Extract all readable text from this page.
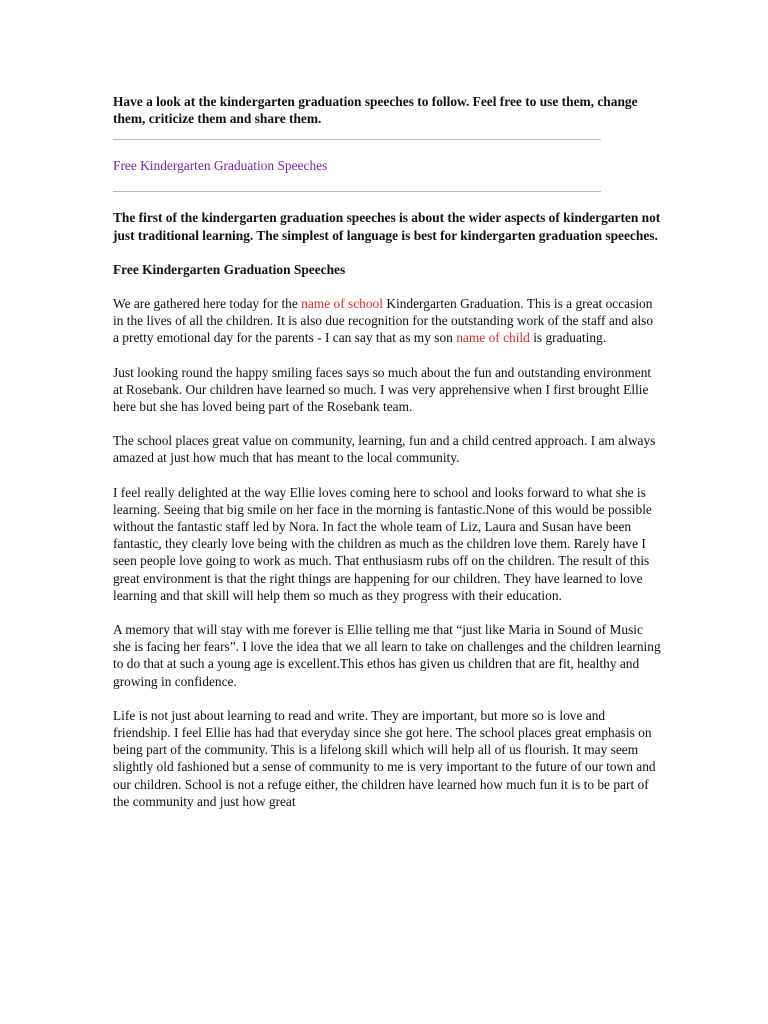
Have a look at the kindergarten graduation speeches to follow. Feel free to use them, change them, criticize them and share them.

Free Kindergarten Graduation Speeches

The first of the kindergarten graduation speeches is about the wider aspects of kindergarten not just traditional learning. The simplest of language is best for kindergarten graduation speeches.

Free Kindergarten Graduation Speeches

We are gathered here today for the name of school Kindergarten Graduation. This is a great occasion in the lives of all the children. It is also due recognition for the outstanding work of the staff and also a pretty emotional day for the parents - I can say that as my son name of child is graduating.

Just looking round the happy smiling faces says so much about the fun and outstanding environment at Rosebank. Our children have learned so much. I was very apprehensive when I first brought Ellie here but she has loved being part of the Rosebank team.

The school places great value on community, learning, fun and a child centred approach. I am always amazed at just how much that has meant to the local community.

I feel really delighted at the way Ellie loves coming here to school and looks forward to what she is learning. Seeing that big smile on her face in the morning is fantastic.None of this would be possible without the fantastic staff led by Nora. In fact the whole team of Liz, Laura and Susan have been fantastic, they clearly love being with the children as much as the children love them. Rarely have I seen people love going to work as much. That enthusiasm rubs off on the children. The result of this great environment is that the right things are happening for our children. They have learned to love learning and that skill will help them so much as they progress with their education.

A memory that will stay with me forever is Ellie telling me that “just like Maria in Sound of Music she is facing her fears”. I love the idea that we all learn to take on challenges and the children learning to do that at such a young age is excellent.This ethos has given us children that are fit, healthy and growing in confidence.

Life is not just about learning to read and write. They are important, but more so is love and friendship. I feel Ellie has had that everyday since she got here. The school places great emphasis on being part of the community. This is a lifelong skill which will help all of us flourish. It may seem slightly old fashioned but a sense of community to me is very important to the future of our town and our children. School is not a refuge either, the children have learned how much fun it is to be part of the community and just how great
